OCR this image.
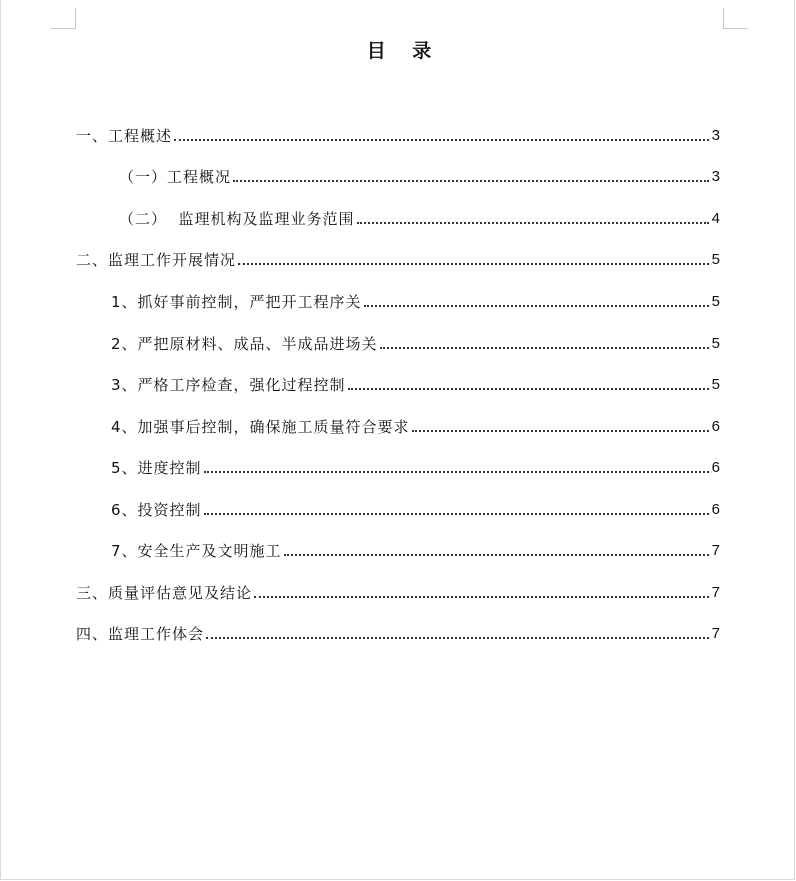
目 录
一、工程概述	3
（一）工程概况	3
（二）  监理机构及监理业务范围	4
二、监理工作开展情况	5
1、抓好事前控制，严把开工程序关	5
2、严把原材料、成品、半成品进场关	5
3、严格工序检查，强化过程控制	5
4、加强事后控制，确保施工质量符合要求	6
5、进度控制	6
6、投资控制	6
7、安全生产及文明施工	7
三、质量评估意见及结论	7
四、监理工作体会	7
